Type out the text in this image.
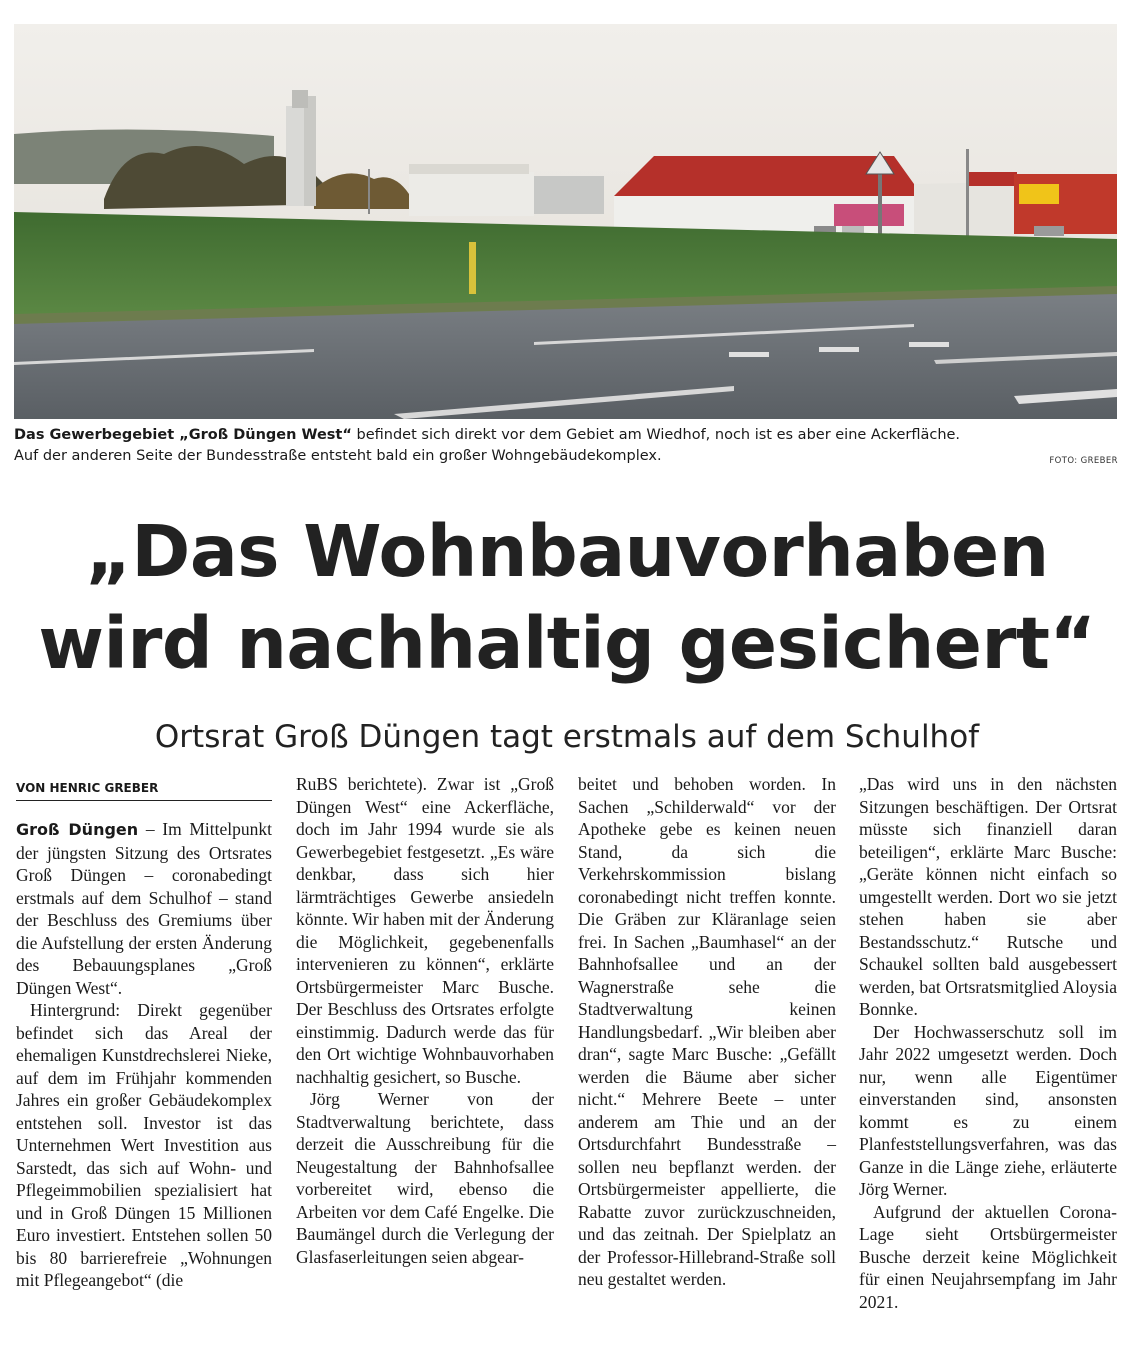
Das Gewerbegebiet „Groß Düngen West“ befindet sich direkt vor dem Gebiet am Wiedhof, noch ist es aber eine Ackerfläche.
Auf der anderen Seite der Bundesstraße entsteht bald ein großer Wohngebäudekomplex.	FOTO: GREBER
„Das Wohnbauvorhaben
wird nachhaltig gesichert“
Ortsrat Groß Düngen tagt erstmals auf dem Schulhof
VON HENRIC GREBER

Groß Düngen – Im Mittelpunkt der jüngsten Sitzung des Ortsrates Groß Düngen – coronabedingt erstmals auf dem Schulhof – stand der Beschluss des Gremiums über die Aufstellung der ersten Änderung des Bebauungsplanes „Groß Düngen West“.

Hintergrund: Direkt gegenüber befindet sich das Areal der ehemaligen Kunstdrechslerei Nieke, auf dem im Frühjahr kommenden Jahres ein großer Gebäudekomplex entstehen soll. Investor ist das Unternehmen Wert Investition aus Sarstedt, das sich auf Wohn- und Pflegeimmobilien spezialisiert hat und in Groß Düngen 15 Millionen Euro investiert. Entstehen sollen 50 bis 80 barrierefreie „Wohnungen mit Pflegeangebot“ (die

RuBS berichtete). Zwar ist „Groß Düngen West“ eine Ackerfläche, doch im Jahr 1994 wurde sie als Gewerbegebiet festgesetzt. „Es wäre denkbar, dass sich hier lärmträchtiges Gewerbe ansiedeln könnte. Wir haben mit der Änderung die Möglichkeit, gegebenenfalls intervenieren zu können“, erklärte Ortsbürgermeister Marc Busche. Der Beschluss des Ortsrates erfolgte einstimmig. Dadurch werde das für den Ort wichtige Wohnbauvorhaben nachhaltig gesichert, so Busche.

Jörg Werner von der Stadtverwaltung berichtete, dass derzeit die Ausschreibung für die Neugestaltung der Bahnhofsallee vorbereitet wird, ebenso die Arbeiten vor dem Café Engelke. Die Baumängel durch die Verlegung der Glasfaserleitungen seien abgear-

beitet und behoben worden. In Sachen „Schilderwald“ vor der Apotheke gebe es keinen neuen Stand, da sich die Verkehrskommission bislang coronabedingt nicht treffen konnte. Die Gräben zur Kläranlage seien frei. In Sachen „Baumhasel“ an der Bahnhofsallee und an der Wagnerstraße sehe die Stadtverwaltung keinen Handlungsbedarf. „Wir bleiben aber dran“, sagte Marc Busche: „Gefällt werden die Bäume aber sicher nicht.“ Mehrere Beete – unter anderem am Thie und an der Ortsdurchfahrt Bundesstraße – sollen neu bepflanzt werden. der Ortsbürgermeister appellierte, die Rabatte zuvor zurückzuschneiden, und das zeitnah. Der Spielplatz an der Professor-Hillebrand-Straße soll neu gestaltet werden.

„Das wird uns in den nächsten Sitzungen beschäftigen. Der Ortsrat müsste sich finanziell daran beteiligen“, erklärte Marc Busche: „Geräte können nicht einfach so umgestellt werden. Dort wo sie jetzt stehen haben sie aber Bestandsschutz.“ Rutsche und Schaukel sollten bald ausgebessert werden, bat Ortsratsmitglied Aloysia Bonnke.

Der Hochwasserschutz soll im Jahr 2022 umgesetzt werden. Doch nur, wenn alle Eigentümer einverstanden sind, ansonsten kommt es zu einem Planfeststellungsverfahren, was das Ganze in die Länge ziehe, erläuterte Jörg Werner.

Aufgrund der aktuellen Corona-Lage sieht Ortsbürgermeister Busche derzeit keine Möglichkeit für einen Neujahrsempfang im Jahr 2021.
